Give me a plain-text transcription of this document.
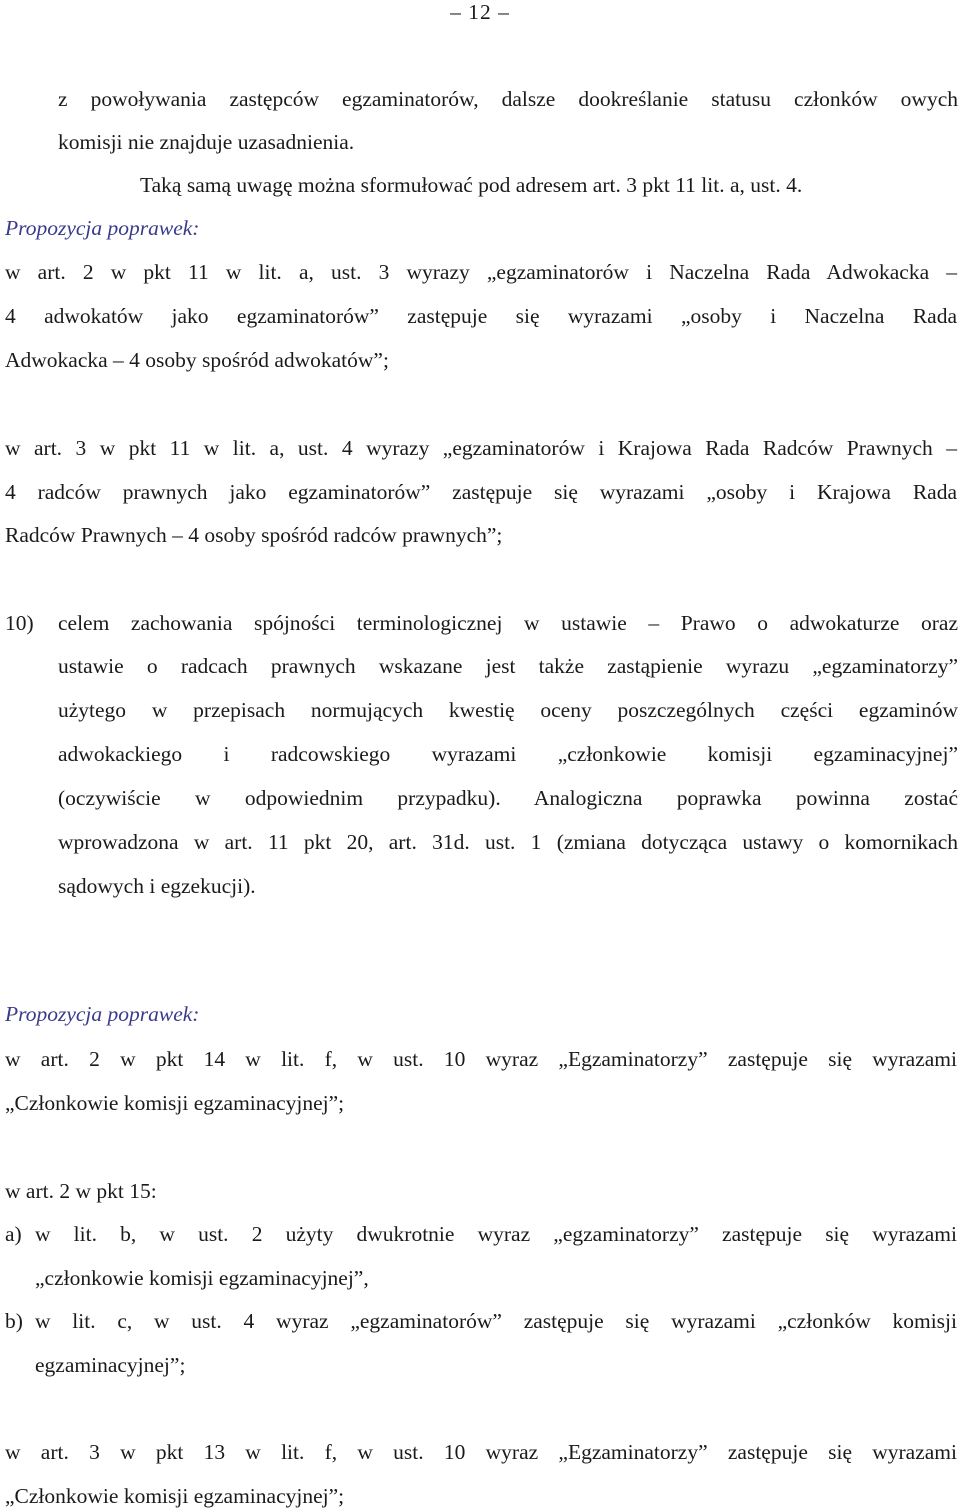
– 12 –
z powoływania zastępców egzaminatorów, dalsze dookreślanie statusu członków owych
komisji nie znajduje uzasadnienia.
Taką samą uwagę można sformułować pod adresem art. 3 pkt 11 lit. a, ust. 4.
Propozycja poprawek:
w art. 2 w pkt 11 w lit. a, ust. 3 wyrazy „egzaminatorów i Naczelna Rada Adwokacka –
4 adwokatów jako egzaminatorów” zastępuje się wyrazami „osoby i Naczelna Rada
Adwokacka – 4 osoby spośród adwokatów”;
w art. 3 w pkt 11 w lit. a, ust. 4 wyrazy „egzaminatorów i Krajowa Rada Radców Prawnych –
4 radców prawnych jako egzaminatorów” zastępuje się wyrazami „osoby i Krajowa Rada
Radców Prawnych – 4 osoby spośród radców prawnych”;
10) celem zachowania spójności terminologicznej w ustawie – Prawo o adwokaturze oraz
ustawie o radcach prawnych wskazane jest także zastąpienie wyrazu „egzaminatorzy”
użytego w przepisach normujących kwestię oceny poszczególnych części egzaminów
adwokackiego i radcowskiego wyrazami „członkowie komisji egzaminacyjnej”
(oczywiście w odpowiednim przypadku). Analogiczna poprawka powinna zostać
wprowadzona w art. 11 pkt 20, art. 31d. ust. 1 (zmiana dotycząca ustawy o komornikach
sądowych i egzekucji).
Propozycja poprawek:
w art. 2 w pkt 14 w lit. f, w ust. 10 wyraz „Egzaminatorzy” zastępuje się wyrazami
„Członkowie komisji egzaminacyjnej”;
w art. 2 w pkt 15:
a) w lit. b, w ust. 2 użyty dwukrotnie wyraz „egzaminatorzy” zastępuje się wyrazami
„członkowie komisji egzaminacyjnej”,
b) w lit. c, w ust. 4 wyraz „egzaminatorów” zastępuje się wyrazami „członków komisji
egzaminacyjnej”;
w art. 3 w pkt 13 w lit. f, w ust. 10 wyraz „Egzaminatorzy” zastępuje się wyrazami
„Członkowie komisji egzaminacyjnej”;
